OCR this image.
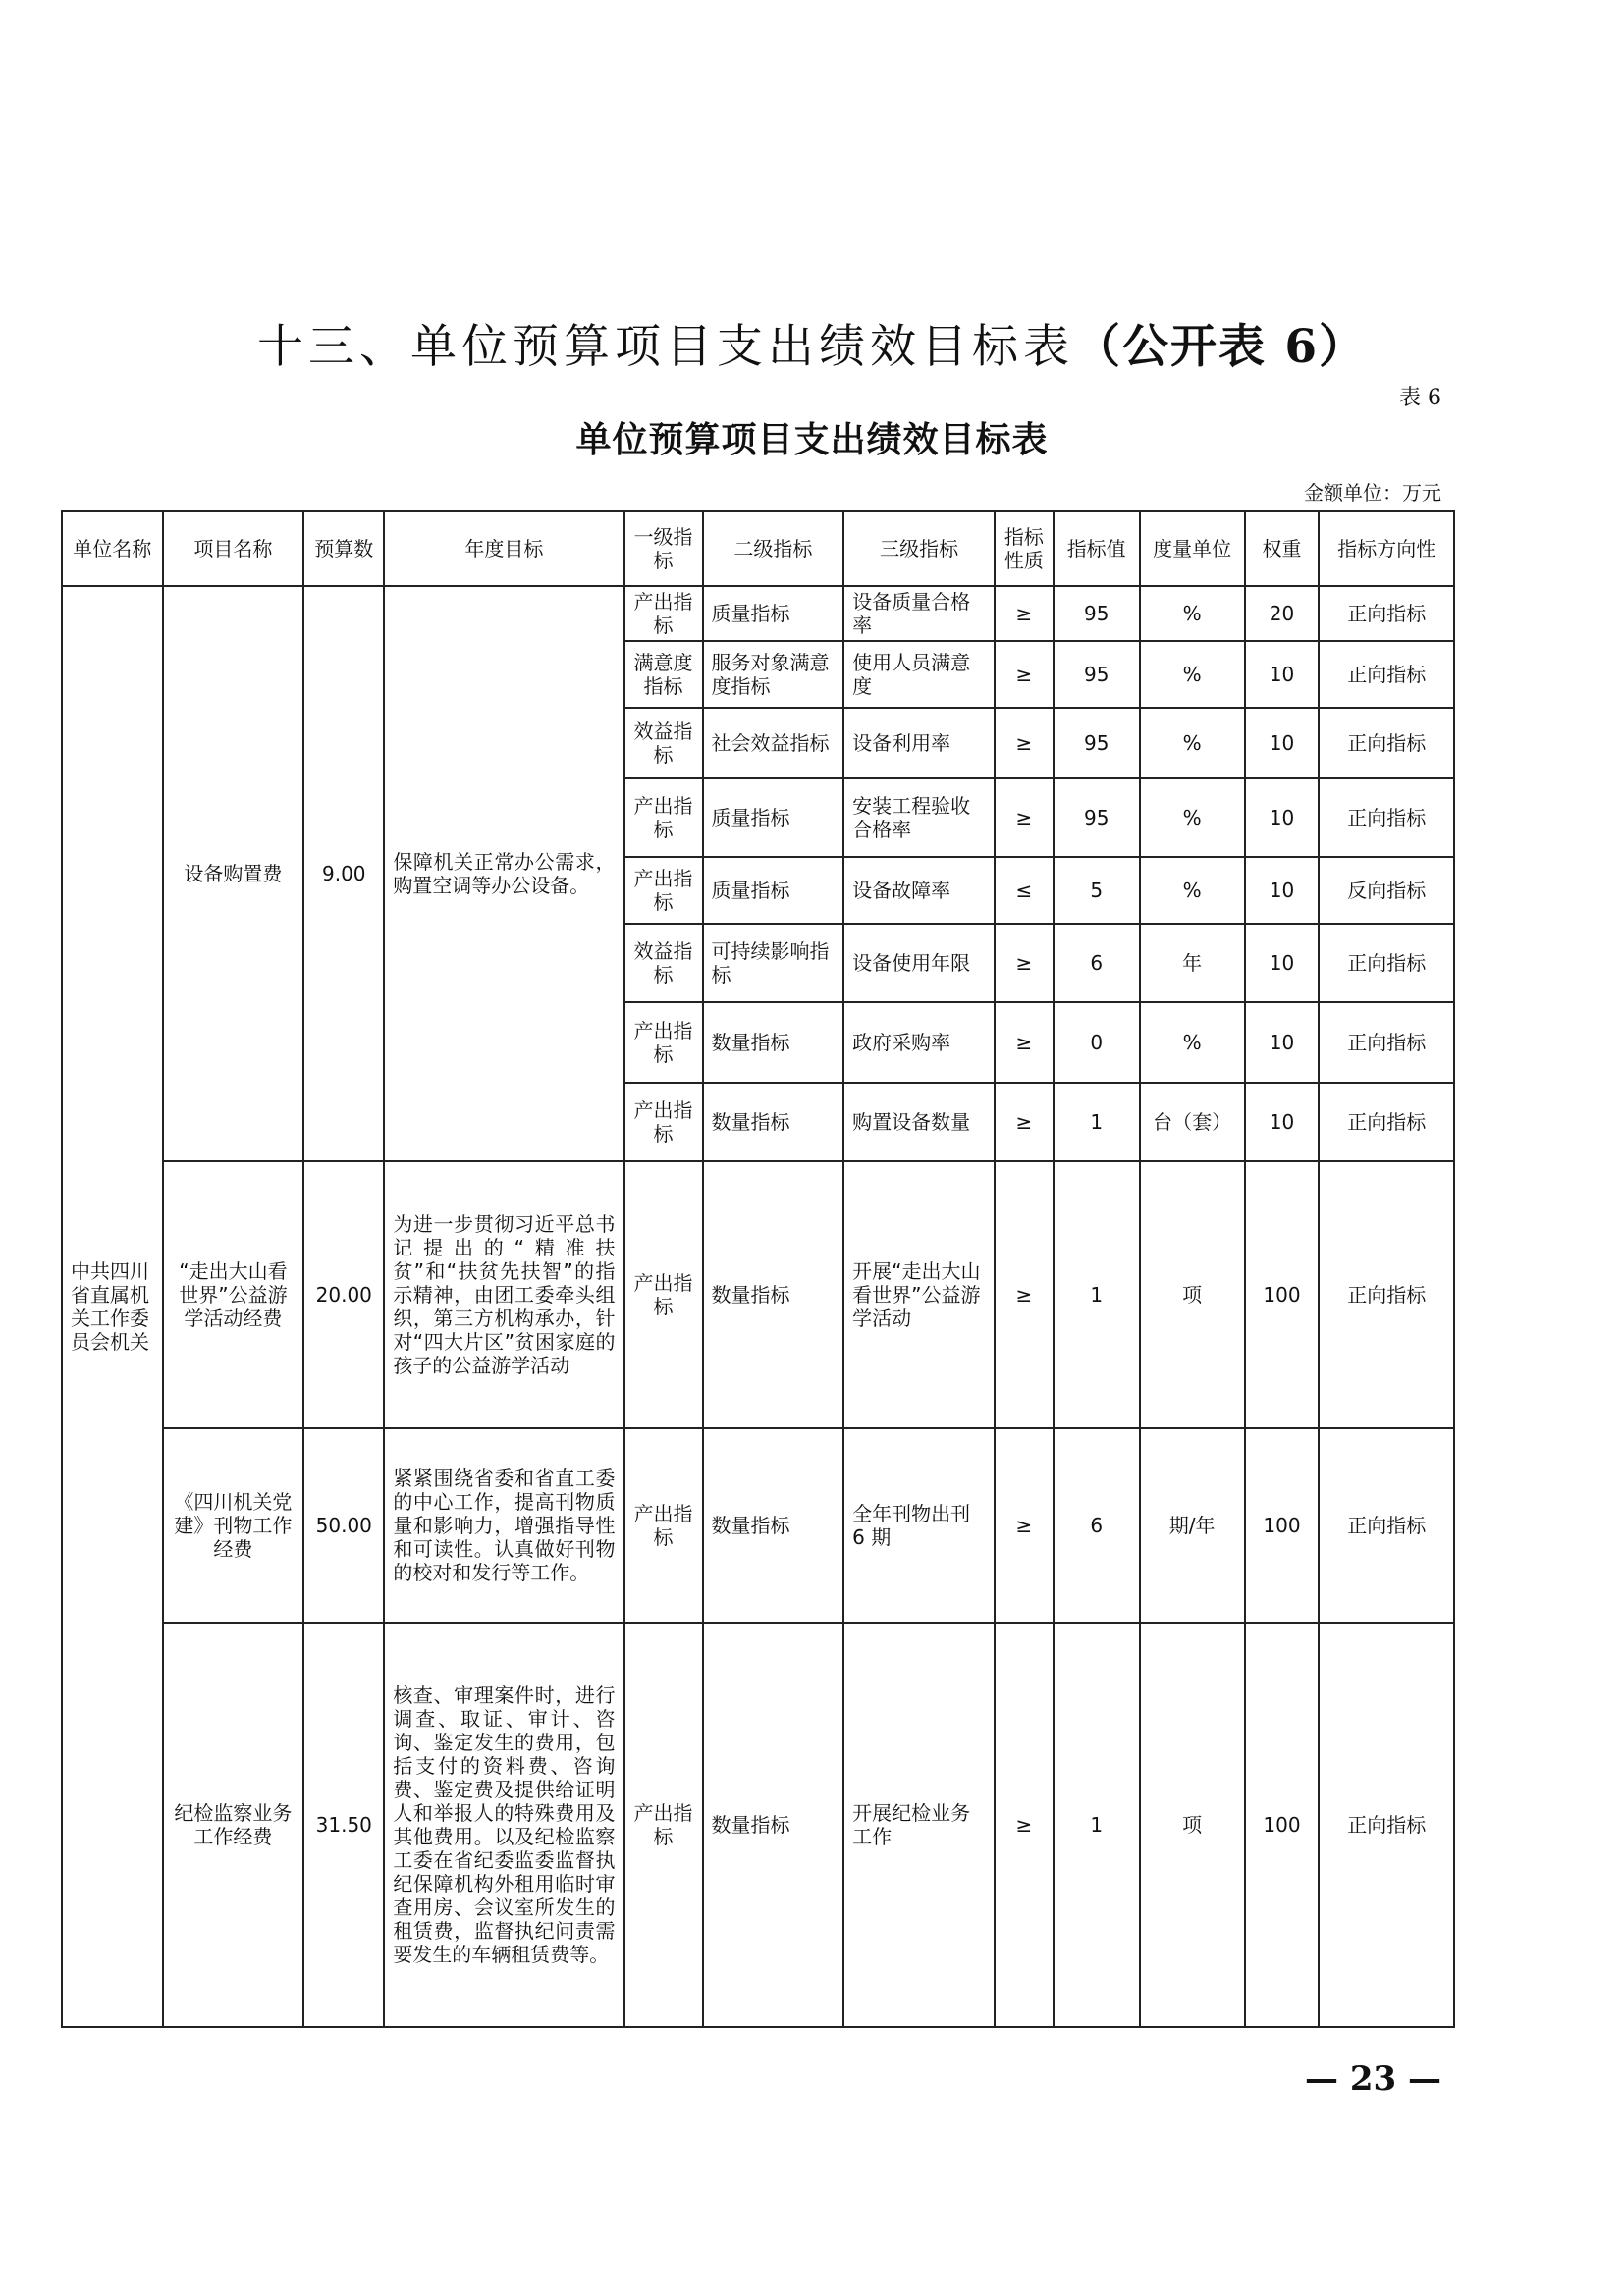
十三、单位预算项目支出绩效目标表（公开表 6）
表 6
单位预算项目支出绩效目标表
金额单位：万元
单位名称	项目名称	预算数	年度目标	一级指标	二级指标	三级指标	指标性质	指标值	度量单位	权重	指标方向性
中共四川省直属机关工作委员会机关	设备购置费	9.00	保障机关正常办公需求，购置空调等办公设备。	产出指标	质量指标	设备质量合格率	≥	95	%	20	正向指标
				满意度指标	服务对象满意度指标	使用人员满意度	≥	95	%	10	正向指标
				效益指标	社会效益指标	设备利用率	≥	95	%	10	正向指标
				产出指标	质量指标	安装工程验收合格率	≥	95	%	10	正向指标
				产出指标	质量指标	设备故障率	≤	5	%	10	反向指标
				效益指标	可持续影响指标	设备使用年限	≥	6	年	10	正向指标
				产出指标	数量指标	政府采购率	≥	0	%	10	正向指标
				产出指标	数量指标	购置设备数量	≥	1	台（套）	10	正向指标
	“走出大山看世界”公益游学活动经费	20.00	为进一步贯彻习近平总书记提出的“精准扶贫”和“扶贫先扶智”的指示精神，由团工委牵头组织，第三方机构承办，针对“四大片区”贫困家庭的孩子的公益游学活动	产出指标	数量指标	开展“走出大山看世界”公益游学活动	≥	1	项	100	正向指标
	《四川机关党建》刊物工作经费	50.00	紧紧围绕省委和省直工委的中心工作，提高刊物质量和影响力，增强指导性和可读性。认真做好刊物的校对和发行等工作。	产出指标	数量指标	全年刊物出刊 6 期	≥	6	期/年	100	正向指标
	纪检监察业务工作经费	31.50	核查、审理案件时，进行调查、取证、审计、咨询、鉴定发生的费用，包括支付的资料费、咨询费、鉴定费及提供给证明人和举报人的特殊费用及其他费用。以及纪检监察工委在省纪委监委监督执纪保障机构外租用临时审查用房、会议室所发生的租赁费，监督执纪问责需要发生的车辆租赁费等。	产出指标	数量指标	开展纪检业务工作	≥	1	项	100	正向指标
— 23 —
